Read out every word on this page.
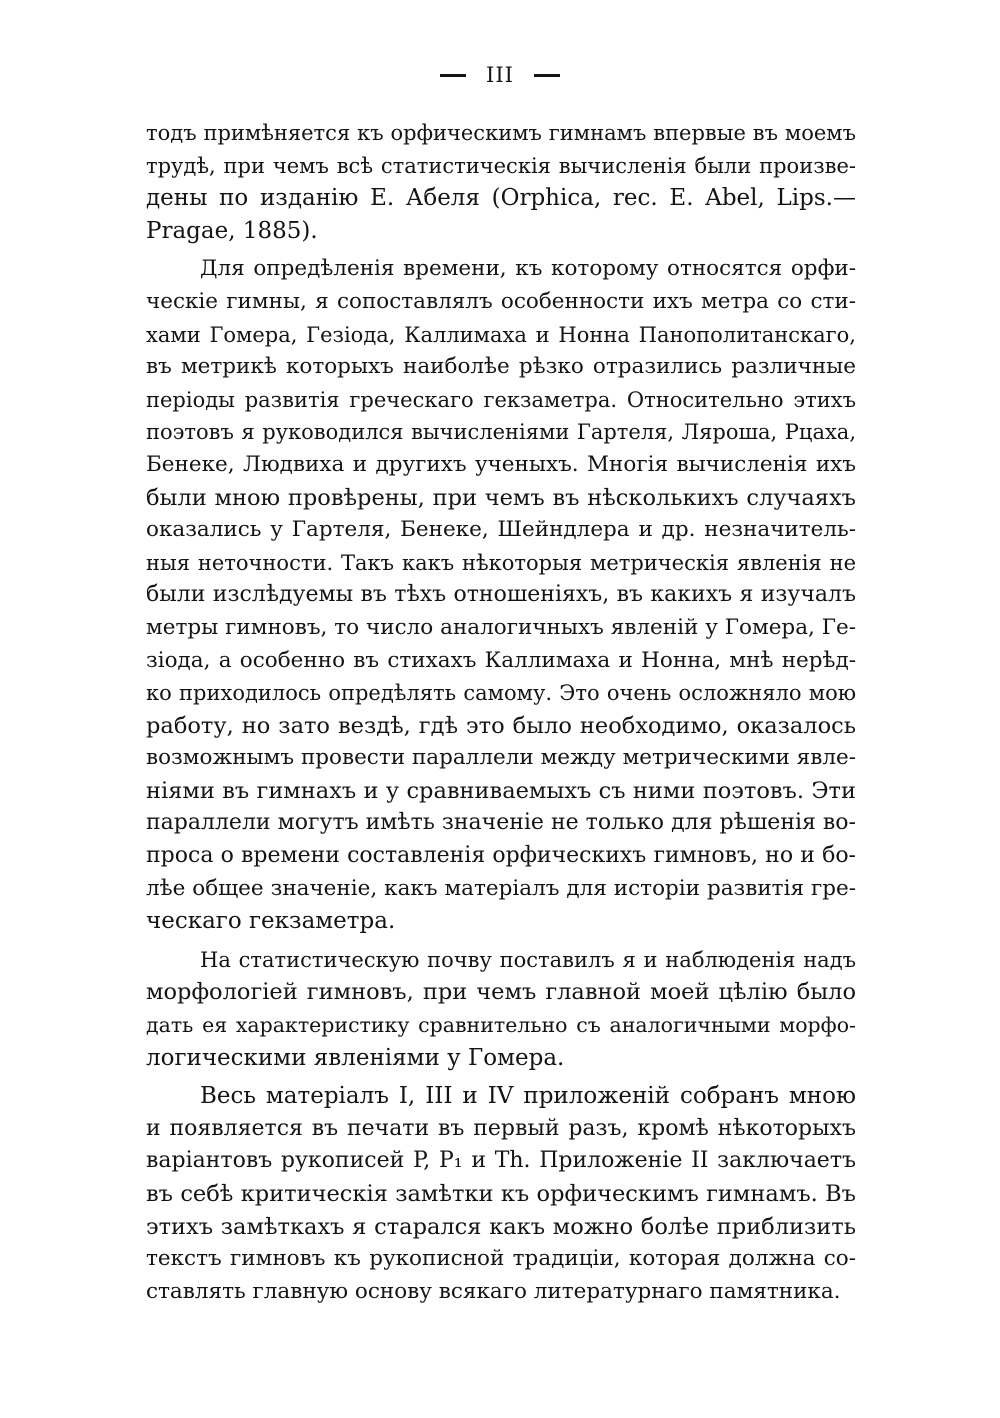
III
тодъ примѣняется къ орфическимъ гимнамъ впервые въ моемъ
трудѣ, при чемъ всѣ статистическія вычисленія были произве-
дены по изданію Е. Абеля (Orphica, rec. E. Abel, Lips.—
Pragae, 1885).
Для опредѣленія времени, къ которому относятся орфи-
ческіе гимны, я сопоставлялъ особенности ихъ метра со сти-
хами Гомера, Гезіода, Каллимаха и Нонна Панополитанскаго,
въ метрикѣ которыхъ наиболѣе рѣзко отразились различные
періоды развитія греческаго гекзаметра. Относительно этихъ
поэтовъ я руководился вычисленіями Гартеля, Ляроша, Рцаха,
Бенеке, Людвиха и другихъ ученыхъ. Многія вычисленія ихъ
были мною провѣрены, при чемъ въ нѣсколькихъ случаяхъ
оказались у Гартеля, Бенеке, Шейндлера и др. незначитель-
ныя неточности. Такъ какъ нѣкоторыя метрическія явленія не
были изслѣдуемы въ тѣхъ отношеніяхъ, въ какихъ я изучалъ
метры гимновъ, то число аналогичныхъ явленій у Гомера, Ге-
зіода, а особенно въ стихахъ Каллимаха и Нонна, мнѣ нерѣд-
ко приходилось опредѣлять самому. Это очень осложняло мою
работу, но зато вездѣ, гдѣ это было необходимо, оказалось
возможнымъ провести параллели между метрическими явле-
ніями въ гимнахъ и у сравниваемыхъ съ ними поэтовъ. Эти
параллели могутъ имѣть значеніе не только для рѣшенія во-
проса о времени составленія орфическихъ гимновъ, но и бо-
лѣе общее значеніе, какъ матеріалъ для исторіи развитія гре-
ческаго гекзаметра.
На статистическую почву поставилъ я и наблюденія надъ
морфологіей гимновъ, при чемъ главной моей цѣлію было
дать ея характеристику сравнительно съ аналогичными морфо-
логическими явленіями у Гомера.
Весь матеріалъ I, III и IV приложеній собранъ мною
и появляется въ печати въ первый разъ, кромѣ нѣкоторыхъ
варіантовъ рукописей P, P₁ и Th. Приложеніе II заключаетъ
въ себѣ критическія замѣтки къ орфическимъ гимнамъ. Въ
этихъ замѣткахъ я старался какъ можно болѣе приблизить
текстъ гимновъ къ рукописной традиціи, которая должна со-
ставлять главную основу всякаго литературнаго памятника.
